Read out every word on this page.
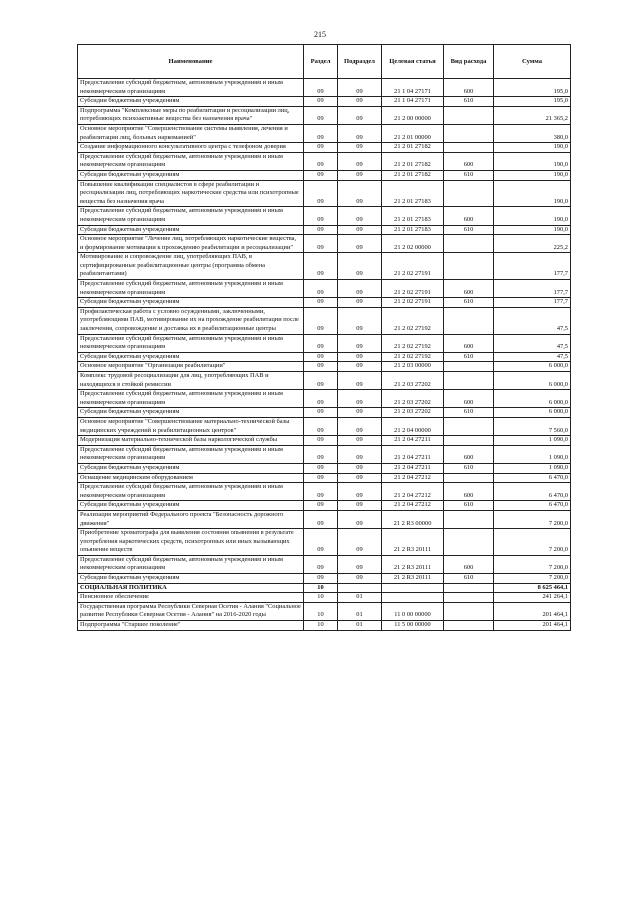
215
Наименование	Раздел	Подраздел	Целевая статья	Вид расхода	Сумма
Предоставление субсидий бюджетным, автономным учреждениям и иным некоммерческим организациям	09	09	21 1 04 27171	600	195,0
Субсидии бюджетным учреждениям	09	09	21 1 04 27171	610	195,0
Подпрограмма "Комплексные меры по реабилитации и ресоциализации лиц, потребляющих психоактивные вещества без назначения врача"	09	09	21 2 00 00000		21 365,2
Основное мероприятие "Совершенствование системы выявления, лечения и реабилитации лиц, больных наркоманией"	09	09	21 2 01 00000		380,0
Создание информационного консультативного центра с телефоном доверия	09	09	21 2 01 27182		190,0
Предоставление субсидий бюджетным, автономным учреждениям и иным некоммерческим организациям	09	09	21 2 01 27182	600	190,0
Субсидии бюджетным учреждениям	09	09	21 2 01 27182	610	190,0
Повышение квалификации специалистов в сфере реабилитации и ресоциализации лиц, потребляющих наркотические средства или психотропные вещества без назначения врача	09	09	21 2 01 27183		190,0
Предоставление субсидий бюджетным, автономным учреждениям и иным некоммерческим организациям	09	09	21 2 01 27183	600	190,0
Субсидии бюджетным учреждениям	09	09	21 2 01 27183	610	190,0
Основное мероприятие "Лечение лиц, потребляющих наркотические вещества, и формирование мотивации к прохождению реабилитации и ресоциализации"	09	09	21 2 02 00000		225,2
Мотивирование и сопровождение лиц, употребляющих ПАВ, в сертифицированные реабилитационные центры (программа обмена реабилитантами)	09	09	21 2 02 27191		177,7
Предоставление субсидий бюджетным, автономным учреждениям и иным некоммерческим организациям	09	09	21 2 02 27191	600	177,7
Субсидии бюджетным учреждениям	09	09	21 2 02 27191	610	177,7
Профилактическая работа с условно осужденными, заключенными, употребляющими ПАВ, мотивирование их на прохождение реабилитации после заключения, сопровождение и доставка их в реабилитационные центры	09	09	21 2 02 27192		47,5
Предоставление субсидий бюджетным, автономным учреждениям и иным некоммерческим организациям	09	09	21 2 02 27192	600	47,5
Субсидии бюджетным учреждениям	09	09	21 2 02 27192	610	47,5
Основное мероприятие "Организация реабилитации"	09	09	21 2 03 00000		6 000,0
Комплекс трудовой ресоциализации для лиц, употребляющих ПАВ и находящихся в стойкой ремиссии	09	09	21 2 03 27202		6 000,0
Предоставление субсидий бюджетным, автономным учреждениям и иным некоммерческим организациям	09	09	21 2 03 27202	600	6 000,0
Субсидии бюджетным учреждениям	09	09	21 2 03 27202	610	6 000,0
Основное мероприятие "Совершенствование материально-технической базы медицинских учреждений и реабилитационных центров"	09	09	21 2 04 00000		7 560,0
Модернизация материально-технической базы наркологической службы	09	09	21 2 04 27211		1 090,0
Предоставление субсидий бюджетным, автономным учреждениям и иным некоммерческим организациям	09	09	21 2 04 27211	600	1 090,0
Субсидии бюджетным учреждениям	09	09	21 2 04 27211	610	1 090,0
Оснащение медицинским оборудованием	09	09	21 2 04 27212		6 470,0
Предоставление субсидий бюджетным, автономным учреждениям и иным некоммерческим организациям	09	09	21 2 04 27212	600	6 470,0
Субсидии бюджетным учреждениям	09	09	21 2 04 27212	610	6 470,0
Реализация мероприятий Федерального проекта "Безопасность дорожного движения"	09	09	21 2 R3 00000		7 200,0
Приобретение хроматографа для выявления состояния опьянения в результате употребления наркотических средств, психотропных или иных вызывающих опьянение веществ	09	09	21 2 R3 20111		7 200,0
Предоставление субсидий бюджетным, автономным учреждениям и иным некоммерческим организациям	09	09	21 2 R3 20111	600	7 200,0
Субсидии бюджетным учреждениям	09	09	21 2 R3 20111	610	7 200,0
СОЦИАЛЬНАЯ ПОЛИТИКА	10				8 625 464,1
Пенсионное обеспечение	10	01			241 264,1
Государственная программа Республики Северная Осетия - Алания "Социальное развитие Республики Северная Осетия - Алания" на 2016-2020 годы	10	01	11 0 00 00000		201 464,1
Подпрограмма "Старшее поколение"	10	01	11 5 00 00000		201 464,1
